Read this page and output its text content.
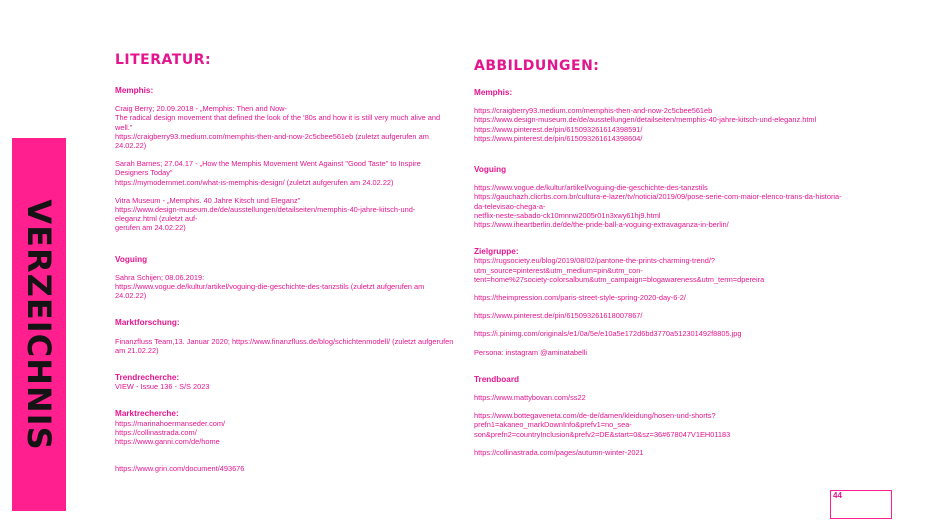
VERZEICHNIS
LITERATUR:
Memphis:

Craig Berry; 20.09.2018 - „Memphis: Then and Now-

The radical design movement that defined the look of the '80s and how it is still very much alive and well."

https://craigberry93.medium.com/memphis-then-and-now-2c5cbee561eb (zuletzt aufgerufen am 24.02.22)

Sarah Barnes; 27.04.17 - „How the Memphis Movement Went Against "Good Taste" to Inspire Designers Today"

https://mymodernmet.com/what-is-memphis-design/ (zuletzt aufgerufen am 24.02.22)

Vitra Museum - „Memphis. 40 Jahre Kitsch und Eleganz"

https://www.design-museum.de/de/ausstellungen/detailseiten/memphis-40-jahre-kitsch-und-eleganz.html (zuletzt auf-

gerufen am 24.02.22)

Voguing

Sahra Schijen; 08.06.2019:

https://www.vogue.de/kultur/artikel/voguing-die-geschichte-des-tanzstils (zuletzt aufgerufen am 24.02.22)

Marktforschung:

Finanzfluss Team,13. Januar 2020; https://www.finanzfluss.de/blog/schichtenmodell/ (zuletzt aufgerufen am 21.02.22)

Trendrecherche:

VIEW - Issue 136 - S/S 2023

Marktrecherche:

https://marinahoermanseder.com/

https://collinastrada.com/

https://www.ganni.com/de/home

https://www.grin.com/document/493676

ABBILDUNGEN:
Memphis:

https://craigberry93.medium.com/memphis-then-and-now-2c5cbee561eb

https://www.design-museum.de/de/ausstellungen/detailseiten/memphis-40-jahre-kitsch-und-eleganz.html

https://www.pinterest.de/pin/615093261614398591/

https://www.pinterest.de/pin/615093261614398604/

Voguing

https://www.vogue.de/kultur/artikel/voguing-die-geschichte-des-tanzstils

https://gauchazh.clicrbs.com.br/cultura-e-lazer/tv/noticia/2019/09/pose-serie-com-maior-elenco-trans-da-historia-da-televisao-chega-a-

netflix-neste-sabado-ck10mnnw2005r01n3xwy61hj9.html

https://www.iheartberlin.de/de/the-pride-ball-a-voguing-extravaganza-in-berlin/

Zielgruppe:

https://rugsociety.eu/blog/2019/08/02/pantone-the-prints-charming-trend/?utm_source=pinterest&utm_medium=pin&utm_con-

tent=home%27society-colorsalbum&utm_campaign=blogawareness&utm_term=dpereira

https://theimpression.com/paris-street-style-spring-2020-day-6-2/

https://www.pinterest.de/pin/615093261618007867/

https://i.pinimg.com/originals/e1/0a/5e/e10a5e172d6bd3770a512301492f8805.jpg

Persona: instagram @aminatabelli

Trendboard

https://www.mattybovan.com/ss22

https://www.bottegaveneta.com/de-de/damen/kleidung/hosen-und-shorts?prefn1=akaneo_markDownInfo&prefv1=no_sea-

son&prefn2=countryInclusion&prefv2=DE&start=0&sz=36#678047V1EH01183

https://collinastrada.com/pages/autumn-winter-2021

44
